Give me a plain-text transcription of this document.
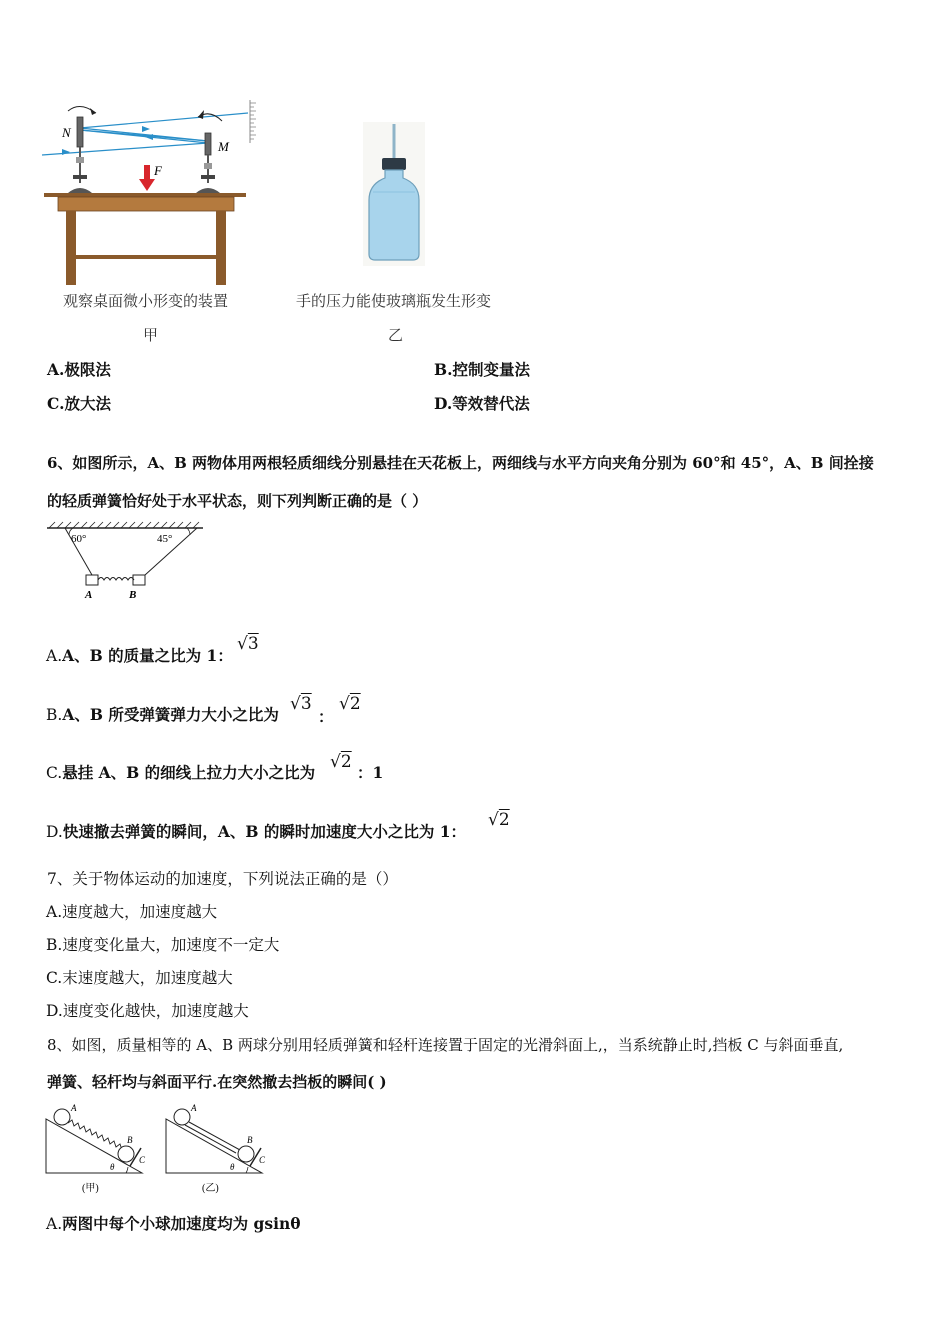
N
M
F
观察桌面微小形变的装置
甲
手的压力能使玻璃瓶发生形变
乙
A.极限法	B.控制变量法
C.放大法	D.等效替代法
6、如图所示，A、B 两物体用两根轻质细线分别悬挂在天花板上，两细线与水平方向夹角分别为 60°和 45°，A、B 间拴接
的轻质弹簧恰好处于水平状态，则下列判断正确的是（ ）
60°	45°
A	B
A.A、B 的质量之比为 1：
√3
B.A、B 所受弹簧弹力大小之比为
√3
：
√2
C.悬挂 A、B 的细线上拉力大小之比为
√2
：1
D.快速撤去弹簧的瞬间，A、B 的瞬时加速度大小之比为 1：
√2
7、关于物体运动的加速度，下列说法正确的是（）
A.速度越大，加速度越大
B.速度变化量大，加速度不一定大
C.末速度越大，加速度越大
D.速度变化越快，加速度越大
8、如图，质量相等的 A、B 两球分别用轻质弹簧和轻杆连接置于固定的光滑斜面上,，当系统静止时,挡板 C 与斜面垂直,
弹簧、轻杆均与斜面平行.在突然撤去挡板的瞬间( )
A
B
C
θ
(甲)
A
B
C
θ
(乙)
A.两图中每个小球加速度均为 gsinθ
